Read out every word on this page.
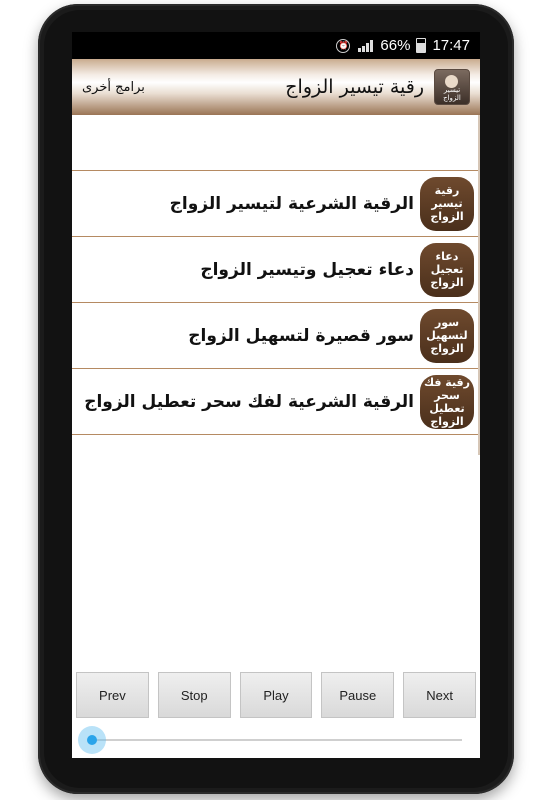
⏰ 66% 17:47
برامج أخرى	رقية تيسير الزواج	تيسير الزواج
الرقية الشرعية لتيسير الزواج
رقية تيسير الزواج
دعاء تعجيل وتيسير الزواج
دعاء تعجيل الزواج
سور قصيرة لتسهيل الزواج
سور لتسهيل الزواج
الرقية الشرعية لفك سحر تعطيل الزواج
رقية فك سحر تعطيل الزواج
Prev	Stop	Play	Pause	Next
